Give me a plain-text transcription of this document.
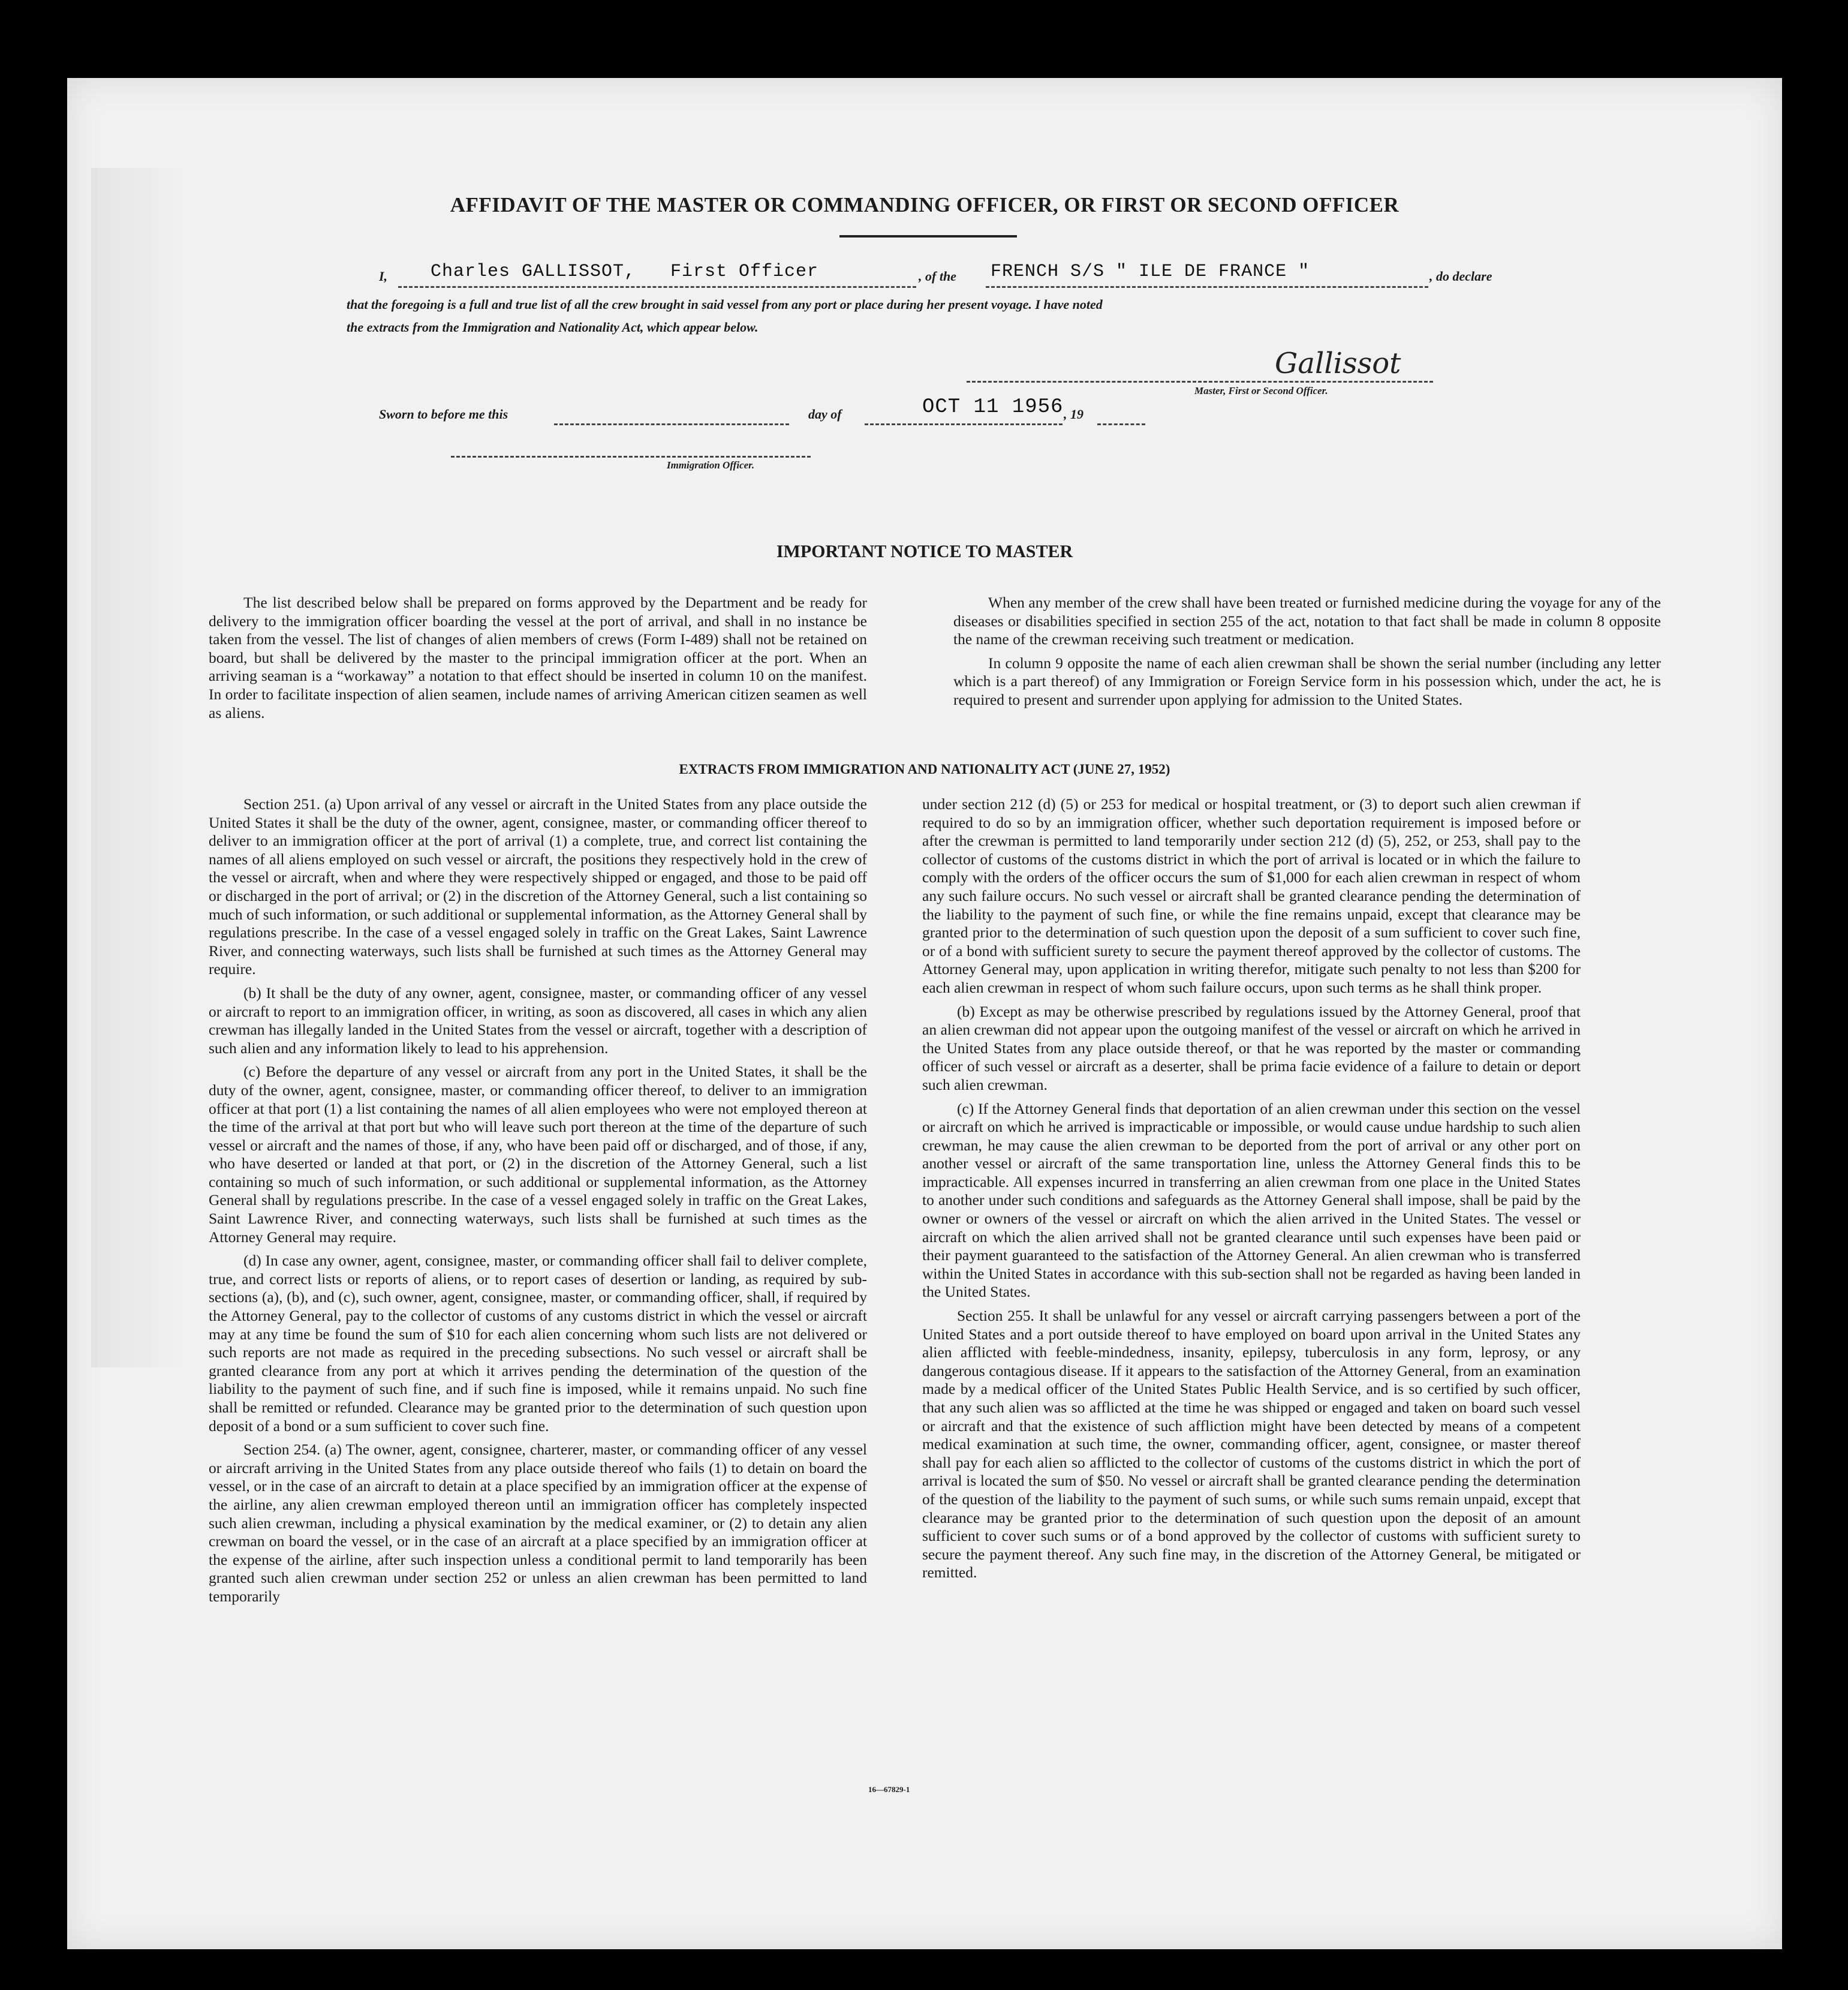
AFFIDAVIT OF THE MASTER OR COMMANDING OFFICER, OR FIRST OR SECOND OFFICER
I, Charles GALLISSOT, First Officer	, of the FRENCH S/S " ILE DE FRANCE "	, do declare
that the foregoing is a full and true list of all the crew brought in said vessel from any port or place during her present voyage. I have noted
the extracts from the Immigration and Nationality Act, which appear below.
Gallissot
Master, First or Second Officer.
Sworn to before me this	day of	OCT 11 1956 , 19
Immigration Officer.
IMPORTANT NOTICE TO MASTER

The list described below shall be prepared on forms approved by the Department and be ready for delivery to the immigration officer boarding the vessel at the port of arrival, and shall in no instance be taken from the vessel. The list of changes of alien members of crews (Form I-489) shall not be retained on board, but shall be delivered by the master to the principal immigration officer at the port. When an arriving seaman is a “workaway” a notation to that effect should be inserted in column 10 on the manifest. In order to facilitate inspection of alien seamen, include names of arriving American citizen seamen as well as aliens.

When any member of the crew shall have been treated or furnished medicine during the voyage for any of the diseases or disabilities specified in section 255 of the act, notation to that fact shall be made in column 8 opposite the name of the crewman receiving such treatment or medication.

In column 9 opposite the name of each alien crewman shall be shown the serial number (including any letter which is a part thereof) of any Immigration or Foreign Service form in his possession which, under the act, he is required to present and surrender upon applying for admission to the United States.

EXTRACTS FROM IMMIGRATION AND NATIONALITY ACT (JUNE 27, 1952)

Section 251. (a) Upon arrival of any vessel or aircraft in the United States from any place outside the United States it shall be the duty of the owner, agent, consignee, master, or commanding officer thereof to deliver to an immigration officer at the port of arrival (1) a complete, true, and correct list containing the names of all aliens employed on such vessel or aircraft, the positions they respectively hold in the crew of the vessel or aircraft, when and where they were respectively shipped or engaged, and those to be paid off or discharged in the port of arrival; or (2) in the discretion of the Attorney General, such a list containing so much of such information, or such additional or supplemental information, as the Attorney General shall by regulations prescribe. In the case of a vessel engaged solely in traffic on the Great Lakes, Saint Lawrence River, and connecting waterways, such lists shall be furnished at such times as the Attorney General may require.

(b) It shall be the duty of any owner, agent, consignee, master, or commanding officer of any vessel or aircraft to report to an immigration officer, in writing, as soon as discovered, all cases in which any alien crewman has illegally landed in the United States from the vessel or aircraft, together with a description of such alien and any information likely to lead to his apprehension.

(c) Before the departure of any vessel or aircraft from any port in the United States, it shall be the duty of the owner, agent, consignee, master, or commanding officer thereof, to deliver to an immigration officer at that port (1) a list containing the names of all alien employees who were not employed thereon at the time of the arrival at that port but who will leave such port thereon at the time of the departure of such vessel or aircraft and the names of those, if any, who have been paid off or discharged, and of those, if any, who have deserted or landed at that port, or (2) in the discretion of the Attorney General, such a list containing so much of such information, or such additional or supplemental information, as the Attorney General shall by regulations prescribe. In the case of a vessel engaged solely in traffic on the Great Lakes, Saint Lawrence River, and connecting waterways, such lists shall be furnished at such times as the Attorney General may require.

(d) In case any owner, agent, consignee, master, or commanding officer shall fail to deliver complete, true, and correct lists or reports of aliens, or to report cases of desertion or landing, as required by sub-sections (a), (b), and (c), such owner, agent, consignee, master, or commanding officer, shall, if required by the Attorney General, pay to the collector of customs of any customs district in which the vessel or aircraft may at any time be found the sum of $10 for each alien concerning whom such lists are not delivered or such reports are not made as required in the preceding subsections. No such vessel or aircraft shall be granted clearance from any port at which it arrives pending the determination of the question of the liability to the payment of such fine, and if such fine is imposed, while it remains unpaid. No such fine shall be remitted or refunded. Clearance may be granted prior to the determination of such question upon deposit of a bond or a sum sufficient to cover such fine.

Section 254. (a) The owner, agent, consignee, charterer, master, or commanding officer of any vessel or aircraft arriving in the United States from any place outside thereof who fails (1) to detain on board the vessel, or in the case of an aircraft to detain at a place specified by an immigration officer at the expense of the airline, any alien crewman employed thereon until an immigration officer has completely inspected such alien crewman, including a physical examination by the medical examiner, or (2) to detain any alien crewman on board the vessel, or in the case of an aircraft at a place specified by an immigration officer at the expense of the airline, after such inspection unless a conditional permit to land temporarily has been granted such alien crewman under section 252 or unless an alien crewman has been permitted to land temporarily

under section 212 (d) (5) or 253 for medical or hospital treatment, or (3) to deport such alien crewman if required to do so by an immigration officer, whether such deportation requirement is imposed before or after the crewman is permitted to land temporarily under section 212 (d) (5), 252, or 253, shall pay to the collector of customs of the customs district in which the port of arrival is located or in which the failure to comply with the orders of the officer occurs the sum of $1,000 for each alien crewman in respect of whom any such failure occurs. No such vessel or aircraft shall be granted clearance pending the determination of the liability to the payment of such fine, or while the fine remains unpaid, except that clearance may be granted prior to the determination of such question upon the deposit of a sum sufficient to cover such fine, or of a bond with sufficient surety to secure the payment thereof approved by the collector of customs. The Attorney General may, upon application in writing therefor, mitigate such penalty to not less than $200 for each alien crewman in respect of whom such failure occurs, upon such terms as he shall think proper.

(b) Except as may be otherwise prescribed by regulations issued by the Attorney General, proof that an alien crewman did not appear upon the outgoing manifest of the vessel or aircraft on which he arrived in the United States from any place outside thereof, or that he was reported by the master or commanding officer of such vessel or aircraft as a deserter, shall be prima facie evidence of a failure to detain or deport such alien crewman.

(c) If the Attorney General finds that deportation of an alien crewman under this section on the vessel or aircraft on which he arrived is impracticable or impossible, or would cause undue hardship to such alien crewman, he may cause the alien crewman to be deported from the port of arrival or any other port on another vessel or aircraft of the same transportation line, unless the Attorney General finds this to be impracticable. All expenses incurred in transferring an alien crewman from one place in the United States to another under such conditions and safeguards as the Attorney General shall impose, shall be paid by the owner or owners of the vessel or aircraft on which the alien arrived in the United States. The vessel or aircraft on which the alien arrived shall not be granted clearance until such expenses have been paid or their payment guaranteed to the satisfaction of the Attorney General. An alien crewman who is transferred within the United States in accordance with this sub-section shall not be regarded as having been landed in the United States.

Section 255. It shall be unlawful for any vessel or aircraft carrying passengers between a port of the United States and a port outside thereof to have employed on board upon arrival in the United States any alien afflicted with feeble-mindedness, insanity, epilepsy, tuberculosis in any form, leprosy, or any dangerous contagious disease. If it appears to the satisfaction of the Attorney General, from an examination made by a medical officer of the United States Public Health Service, and is so certified by such officer, that any such alien was so afflicted at the time he was shipped or engaged and taken on board such vessel or aircraft and that the existence of such affliction might have been detected by means of a competent medical examination at such time, the owner, commanding officer, agent, consignee, or master thereof shall pay for each alien so afflicted to the collector of customs of the customs district in which the port of arrival is located the sum of $50. No vessel or aircraft shall be granted clearance pending the determination of the question of the liability to the payment of such sums, or while such sums remain unpaid, except that clearance may be granted prior to the determination of such question upon the deposit of an amount sufficient to cover such sums or of a bond approved by the collector of customs with sufficient surety to secure the payment thereof. Any such fine may, in the discretion of the Attorney General, be mitigated or remitted.

16—67829-1
